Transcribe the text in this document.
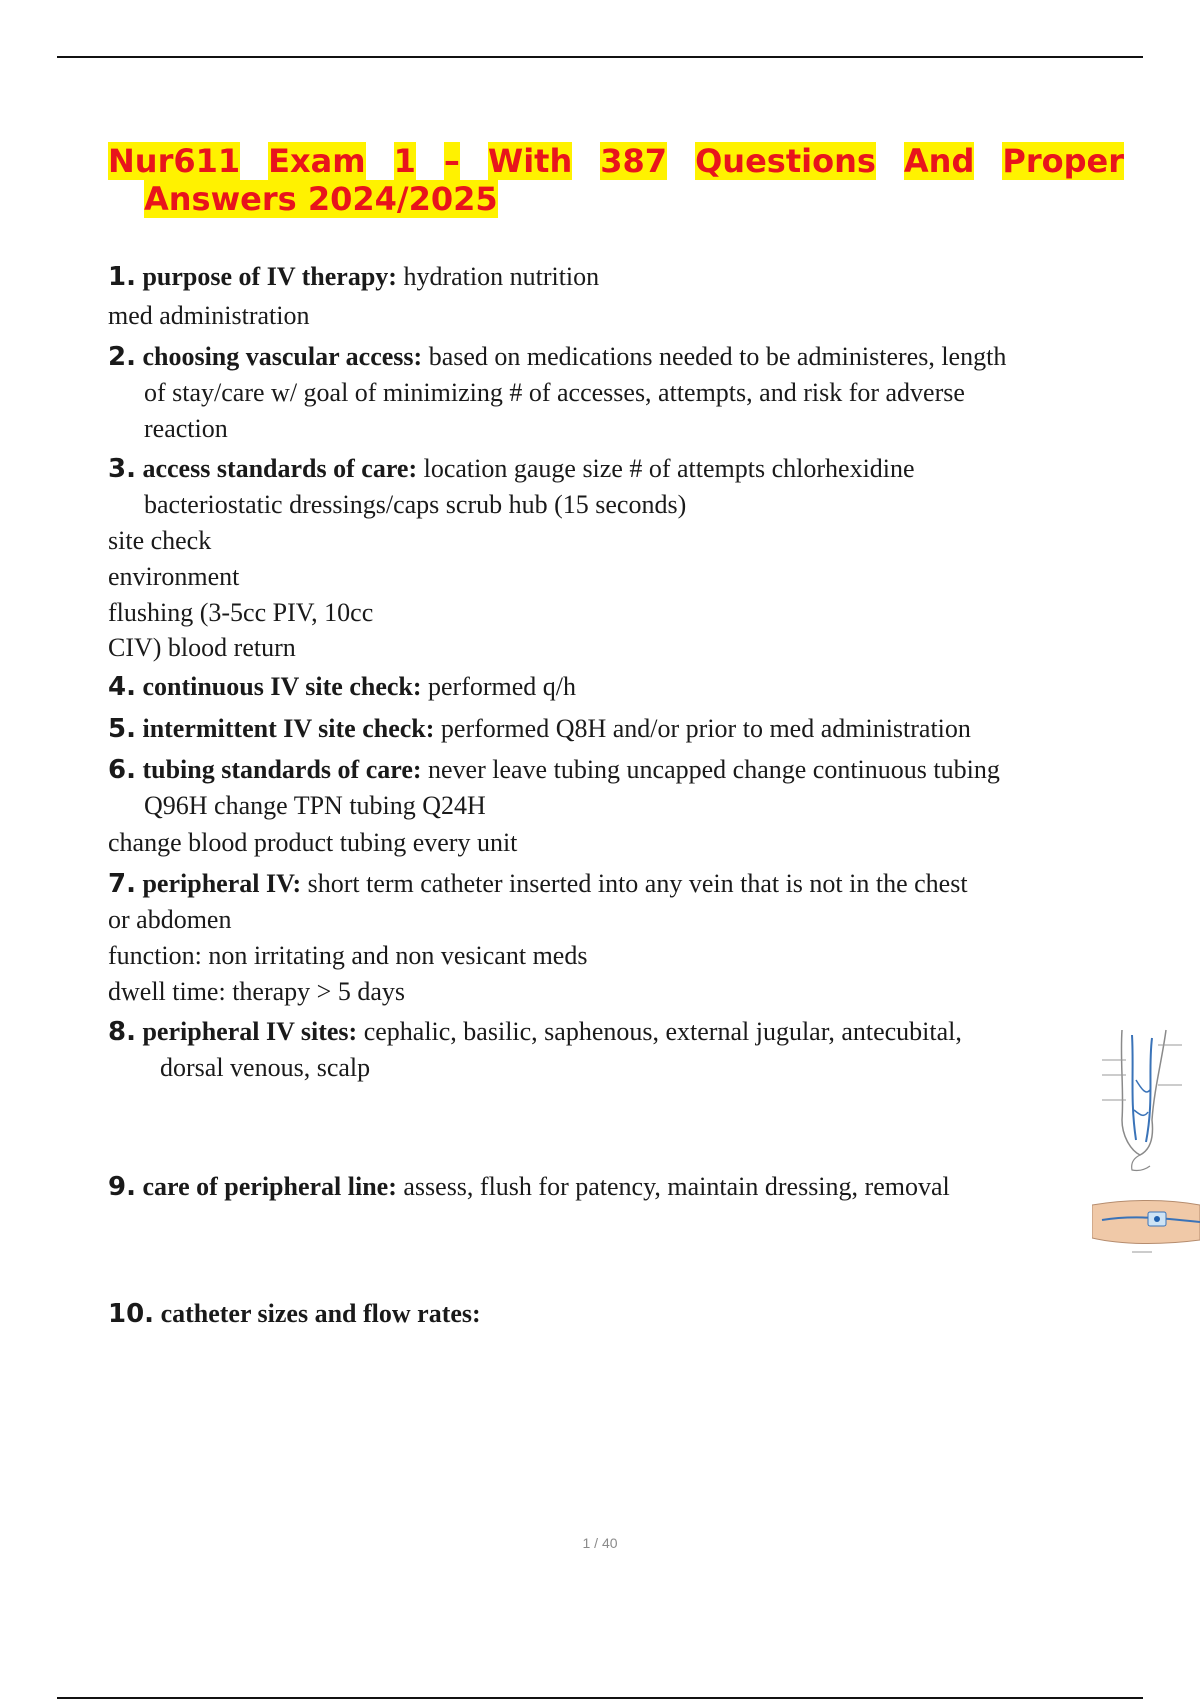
Nur611 Exam 1 – With 387 Questions And Proper
Answers 2024/2025
1. purpose of IV therapy: hydration nutrition
med administration
2. choosing vascular access: based on medications needed to be administeres, length
of stay/care w/ goal of minimizing # of accesses, attempts, and risk for adverse
reaction
3. access standards of care: location gauge size # of attempts chlorhexidine
bacteriostatic dressings/caps scrub hub (15 seconds)
site check
environment
flushing (3-5cc PIV, 10cc
CIV) blood return
4. continuous IV site check: performed q/h
5. intermittent IV site check: performed Q8H and/or prior to med administration
6. tubing standards of care: never leave tubing uncapped change continuous tubing
Q96H change TPN tubing Q24H
change blood product tubing every unit
7. peripheral IV: short term catheter inserted into any vein that is not in the chest
or abdomen
function: non irritating and non vesicant meds
dwell time: therapy > 5 days
8. peripheral IV sites: cephalic, basilic, saphenous, external jugular, antecubital,
dorsal venous, scalp
9. care of peripheral line: assess, flush for patency, maintain dressing, removal
10. catheter sizes and flow rates:
1 / 40
